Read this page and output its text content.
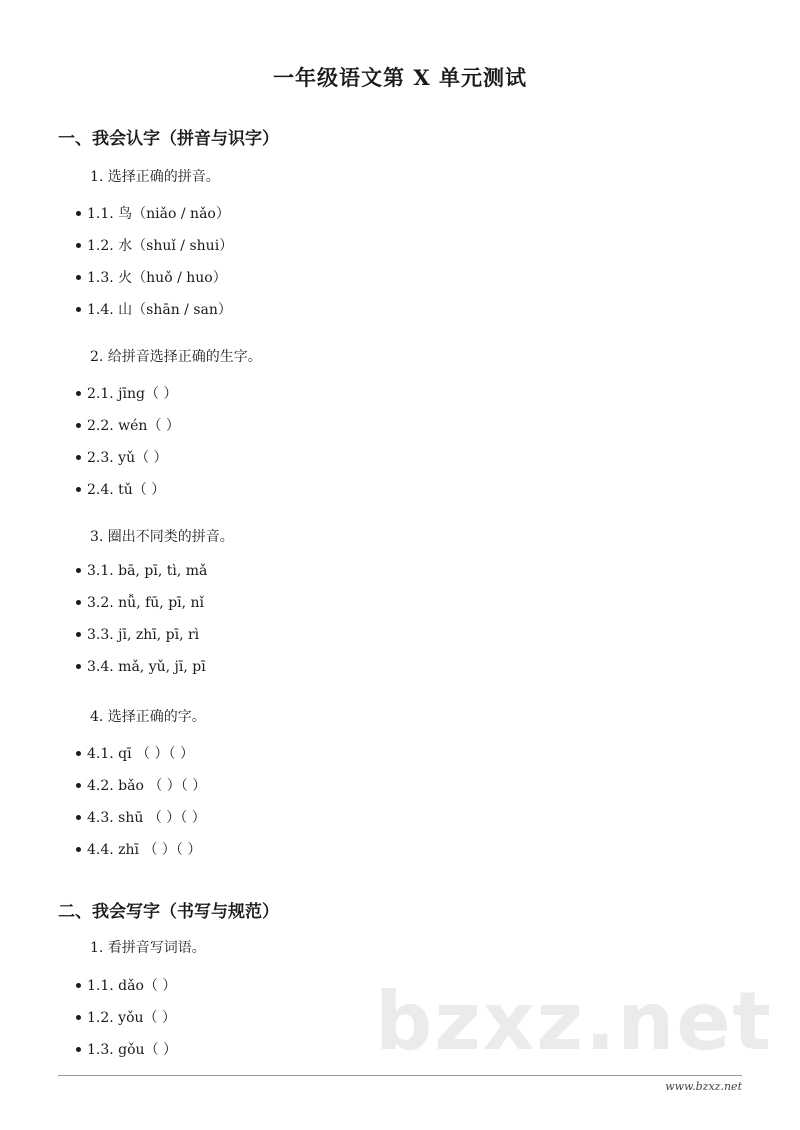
一年级语文第 X 单元测试
一、我会认字（拼音与识字）
1. 选择正确的拼音。
1.1. 鸟（niǎo / nǎo）
1.2. 水（shuǐ / shui）
1.3. 火（huǒ / huo）
1.4. 山（shān / san）
2. 给拼音选择正确的生字。
2.1. jīng（ ）
2.2. wén（ ）
2.3. yǔ（ ）
2.4. tǔ（ ）
3. 圈出不同类的拼音。
3.1. bā, pī, tì, mǎ
3.2. nǚ, fū, pī, nǐ
3.3. jī, zhī, pī, rì
3.4. mǎ, yǔ, jī, pī
4. 选择正确的字。
4.1. qī （ ）（ ）
4.2. bǎo （ ）（ ）
4.3. shū （ ）（ ）
4.4. zhī （ ）（ ）
二、我会写字（书写与规范）
1. 看拼音写词语。
1.1. dǎo（ ）
1.2. yǒu（ ）
1.3. gǒu（ ） bzxz.net
www.bzxz.net
